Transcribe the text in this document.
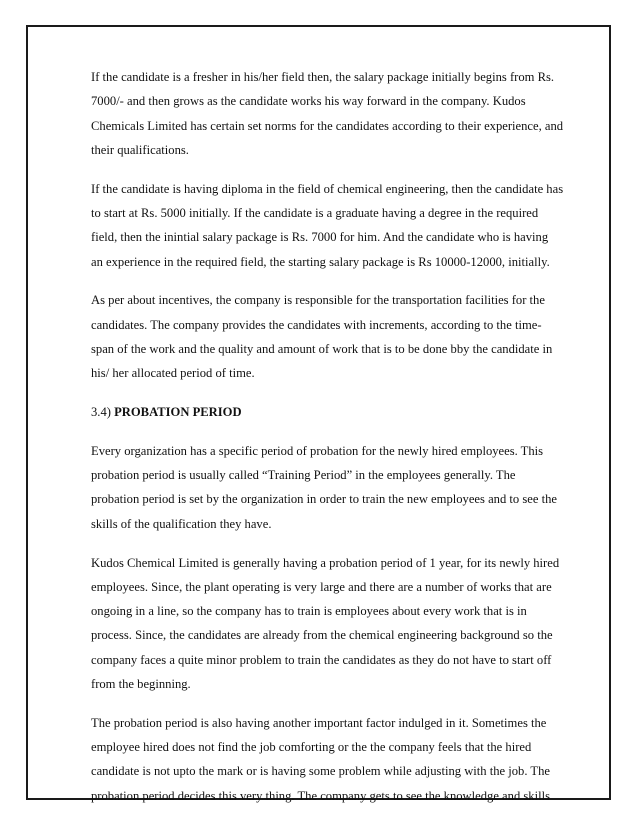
If the candidate is a fresher in his/her field then, the salary package initially begins from Rs.
7000/- and then grows as the candidate works his way forward in the company. Kudos
Chemicals Limited has certain set norms for the candidates according to their experience, and
their qualifications.

If the candidate is having diploma in the field of chemical engineering, then the candidate has
to start at Rs. 5000 initially. If the candidate is a graduate having a degree in the required
field, then the inintial salary package is Rs. 7000 for him. And the candidate who is having
an experience in the required field, the starting salary package is Rs 10000-12000, initially.

As per about incentives, the company is responsible for the transportation facilities for the
candidates. The company provides the candidates with increments, according to the time-
span of the work and the quality and amount of work that is to be done bby the candidate in
his/ her allocated period of time.

3.4) PROBATION PERIOD

Every organization has a specific period of probation for the newly hired employees. This
probation period is usually called “Training Period” in the employees generally. The
probation period is set by the organization in order to train the new employees and to see the
skills of the qualification they have.

Kudos Chemical Limited is generally having a probation period of 1 year, for its newly hired
employees. Since, the plant operating is very large and there are a number of works that are
ongoing in a line, so the company has to train is employees about every work that is in
process. Since, the candidates are already from the chemical engineering background so the
company faces a quite minor problem to train the candidates as they do not have to start off
from the beginning.

The probation period is also having another important factor indulged in it. Sometimes the
employee hired does not find the job comforting or the the company feels that the hired
candidate is not upto the mark or is having some problem while adjusting with the job. The
probation period decides this very thing. The company gets to see the knowledge and skills
